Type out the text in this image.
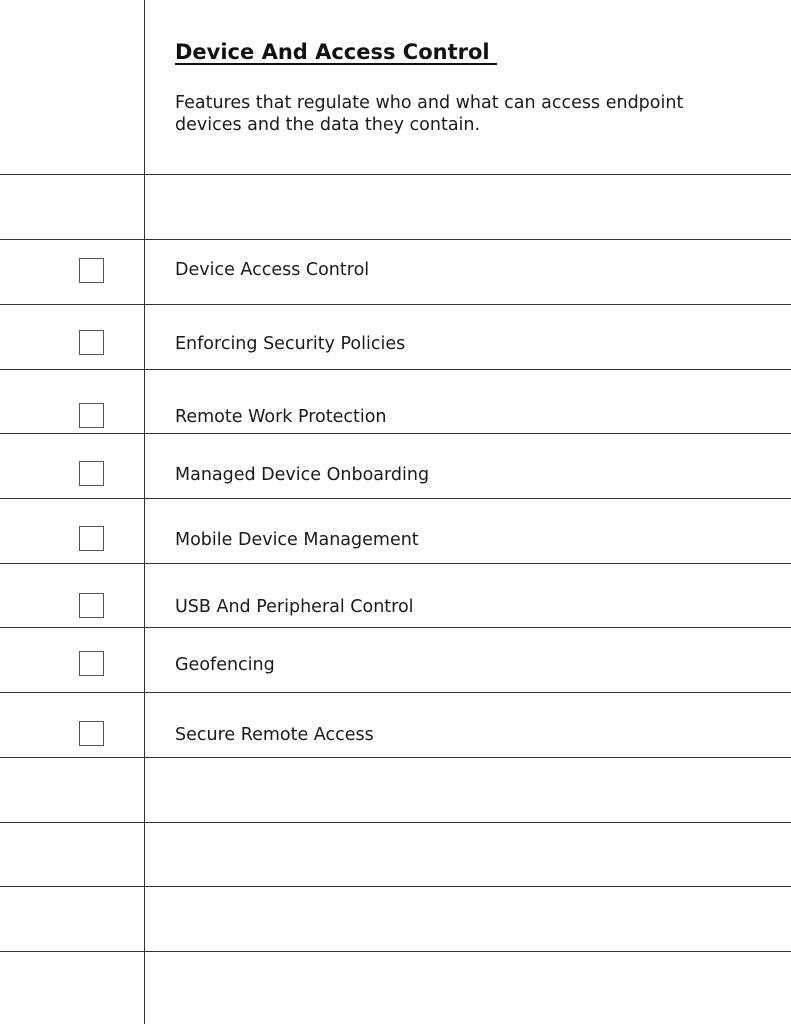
Device And Access Control

Features that regulate who and what can access endpoint devices and the data they contain.

Device Access Control
Enforcing Security Policies
Remote Work Protection
Managed Device Onboarding
Mobile Device Management
USB And Peripheral Control
Geofencing
Secure Remote Access
